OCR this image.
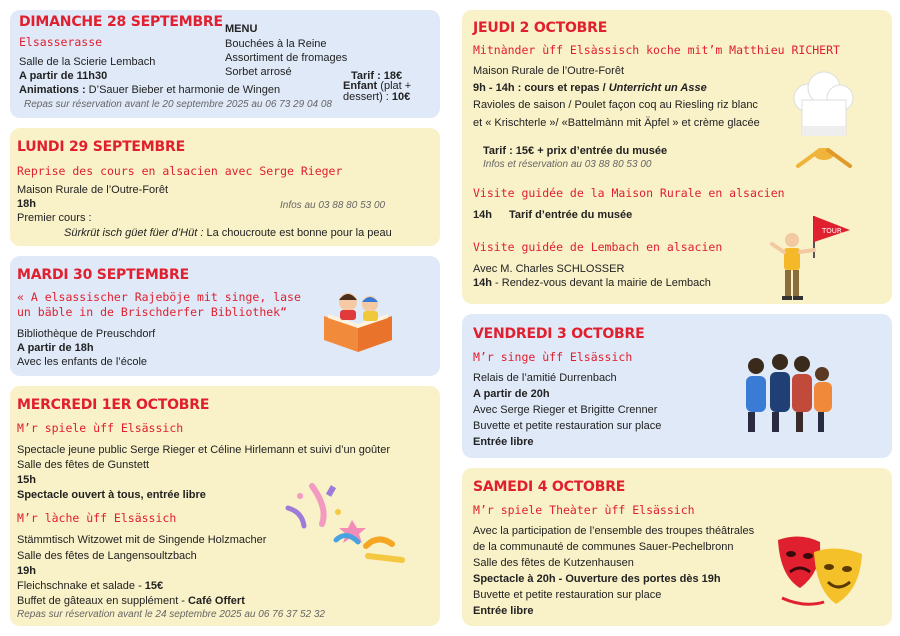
DIMANCHE 28 SEPTEMBRE
Elsasserasse
Salle de la Scierie Lembach
A partir de 11h30
Animations : D’Sauer Bieber et harmonie de Wingen
Repas sur réservation avant le 20 septembre 2025 au 06 73 29 04 08
MENU
Bouchées à la Reine
Assortiment de fromages
Sorbet arrosé	Tarif : 18€
Enfant (plat +
dessert) : 10€
LUNDI 29 SEPTEMBRE
Reprise des cours en alsacien avec Serge Rieger
Maison Rurale de l’Outre-Forêt
18h	Infos au 03 88 80 53 00
Premier cours :
Sürkrüt isch güet füer d’Hüt : La choucroute est bonne pour la peau
MARDI 30 SEPTEMBRE
« A elsassischer Rajeböje mit singe, lase
un bäble in de Brischderfer Bibliothek“
Bibliothèque de Preuschdorf
A partir de 18h
Avec les enfants de l’école
MERCREDI 1ER OCTOBRE
M’r spiele ùff Elsässich
Spectacle jeune public Serge Rieger et Céline Hirlemann et suivi d’un goûter
Salle des fêtes de Gunstett
15h
Spectacle ouvert à tous, entrée libre
M’r làche ùff Elsässich
Stämmtisch Witzowet mit de Singende Holzmacher
Salle des fêtes de Langensoultzbach
19h
Fleichschnake et salade - 15€
Buffet de gâteaux en supplément - Café Offert
Repas sur réservation avant le 24 septembre 2025 au 06 76 37 52 32
JEUDI 2 OCTOBRE
Mitnànder ùff Elsàssisch koche mit’m Matthieu RICHERT
Maison Rurale de l’Outre-Forêt
9h - 14h : cours et repas / Unterricht un Asse
Ravioles de saison / Poulet façon coq au Riesling riz blanc
et « Krischterle »/ «Battelmànn mit Äpfel » et crème glacée
Tarif : 15€ + prix d’entrée du musée
Infos et réservation au 03 88 80 53 00
Visite guidée de la Maison Rurale en alsacien
14h Tarif d’entrée du musée
Visite guidée de Lembach en alsacien
Avec M. Charles SCHLOSSER
14h - Rendez-vous devant la mairie de Lembach
TOUR
VENDREDI 3 OCTOBRE
M’r singe ùff Elsässich
Relais de l’amitié Durrenbach
A partir de 20h
Avec Serge Rieger et Brigitte Crenner
Buvette et petite restauration sur place
Entrée libre
SAMEDI 4 OCTOBRE
M’r spiele Theàter ùff Elsässich
Avec la participation de l’ensemble des troupes théâtrales
de la communauté de communes Sauer-Pechelbronn
Salle des fêtes de Kutzenhausen
Spectacle à 20h - Ouverture des portes dès 19h
Buvette et petite restauration sur place
Entrée libre
